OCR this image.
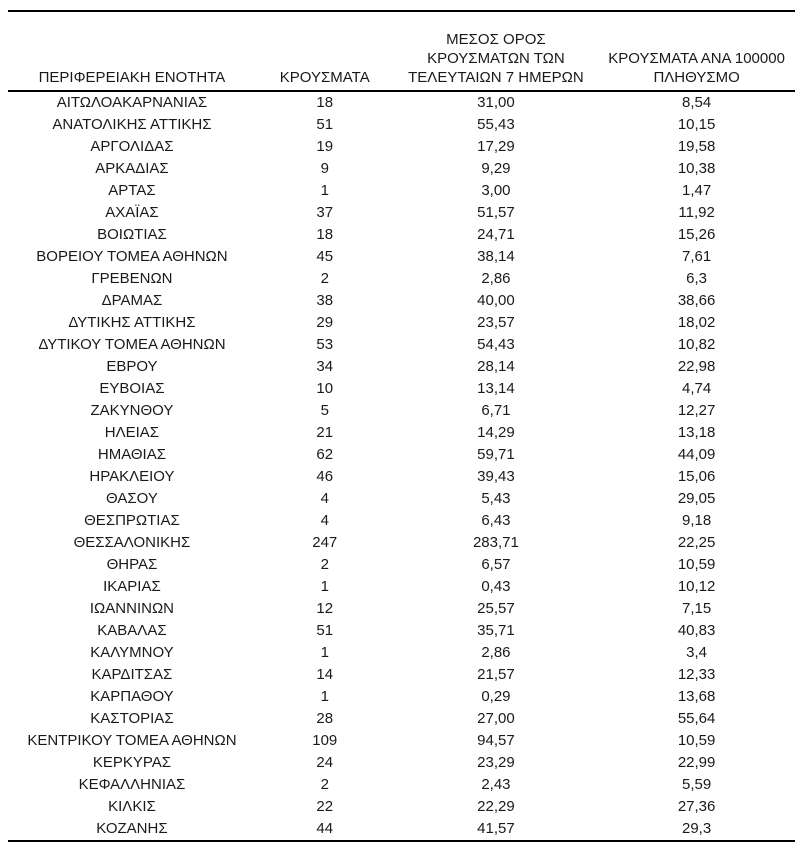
ΠΕΡΙΦΕΡΕΙΑΚΗ ΕΝΟΤΗΤΑ	ΚΡΟΥΣΜΑΤΑ	ΜΕΣΟΣ ΟΡΟΣ
ΚΡΟΥΣΜΑΤΩΝ ΤΩΝ
ΤΕΛΕΥΤΑΙΩΝ 7 ΗΜΕΡΩΝ	ΚΡΟΥΣΜΑΤΑ ΑΝΑ 100000
ΠΛΗΘΥΣΜΟ

ΑΙΤΩΛΟΑΚΑΡΝΑΝΙΑΣ	18	31,00	8,54
ΑΝΑΤΟΛΙΚΗΣ ΑΤΤΙΚΗΣ	51	55,43	10,15
ΑΡΓΟΛΙΔΑΣ	19	17,29	19,58
ΑΡΚΑΔΙΑΣ	9	9,29	10,38
ΑΡΤΑΣ	1	3,00	1,47
ΑΧΑΪΑΣ	37	51,57	11,92
ΒΟΙΩΤΙΑΣ	18	24,71	15,26
ΒΟΡΕΙΟΥ ΤΟΜΕΑ ΑΘΗΝΩΝ	45	38,14	7,61
ΓΡΕΒΕΝΩΝ	2	2,86	6,3
ΔΡΑΜΑΣ	38	40,00	38,66
ΔΥΤΙΚΗΣ ΑΤΤΙΚΗΣ	29	23,57	18,02
ΔΥΤΙΚΟΥ ΤΟΜΕΑ ΑΘΗΝΩΝ	53	54,43	10,82
ΕΒΡΟΥ	34	28,14	22,98
ΕΥΒΟΙΑΣ	10	13,14	4,74
ΖΑΚΥΝΘΟΥ	5	6,71	12,27
ΗΛΕΙΑΣ	21	14,29	13,18
ΗΜΑΘΙΑΣ	62	59,71	44,09
ΗΡΑΚΛΕΙΟΥ	46	39,43	15,06
ΘΑΣΟΥ	4	5,43	29,05
ΘΕΣΠΡΩΤΙΑΣ	4	6,43	9,18
ΘΕΣΣΑΛΟΝΙΚΗΣ	247	283,71	22,25
ΘΗΡΑΣ	2	6,57	10,59
ΙΚΑΡΙΑΣ	1	0,43	10,12
ΙΩΑΝΝΙΝΩΝ	12	25,57	7,15
ΚΑΒΑΛΑΣ	51	35,71	40,83
ΚΑΛΥΜΝΟΥ	1	2,86	3,4
ΚΑΡΔΙΤΣΑΣ	14	21,57	12,33
ΚΑΡΠΑΘΟΥ	1	0,29	13,68
ΚΑΣΤΟΡΙΑΣ	28	27,00	55,64
ΚΕΝΤΡΙΚΟΥ ΤΟΜΕΑ ΑΘΗΝΩΝ	109	94,57	10,59
ΚΕΡΚΥΡΑΣ	24	23,29	22,99
ΚΕΦΑΛΛΗΝΙΑΣ	2	2,43	5,59
ΚΙΛΚΙΣ	22	22,29	27,36
ΚΟΖΑΝΗΣ	44	41,57	29,3
